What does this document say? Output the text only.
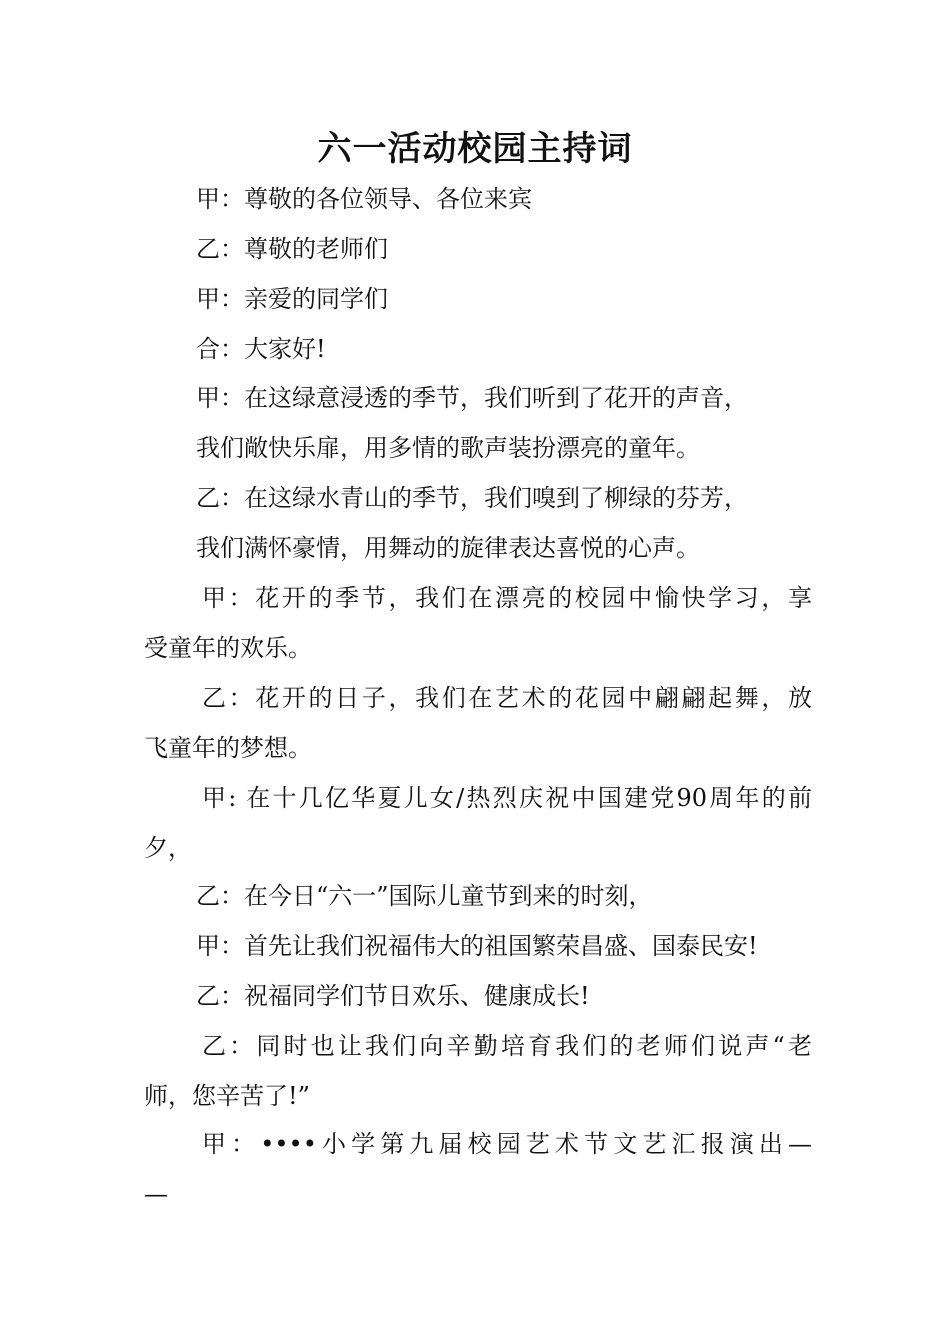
六一活动校园主持词

甲：尊敬的各位领导、各位来宾

乙：尊敬的老师们

甲：亲爱的同学们

合：大家好!

甲：在这绿意浸透的季节，我们听到了花开的声音，

我们敞快乐扉，用多情的歌声装扮漂亮的童年。

乙：在这绿水青山的季节，我们嗅到了柳绿的芬芳，

我们满怀豪情，用舞动的旋律表达喜悦的心声。

甲：花开的季节，我们在漂亮的校园中愉快学习，享

受童年的欢乐。

乙：花开的日子，我们在艺术的花园中翩翩起舞，放

飞童年的梦想。

甲: 在十几亿华夏儿女/热烈庆祝中国建党90周年的前

夕，

乙：在今日“六一”国际儿童节到来的时刻，

甲：首先让我们祝福伟大的祖国繁荣昌盛、国泰民安!

乙：祝福同学们节日欢乐、健康成长!

乙：同时也让我们向辛勤培育我们的老师们说声“老

师，您辛苦了!”

甲：••••小学第九届校园艺术节文艺汇报演出—

—
